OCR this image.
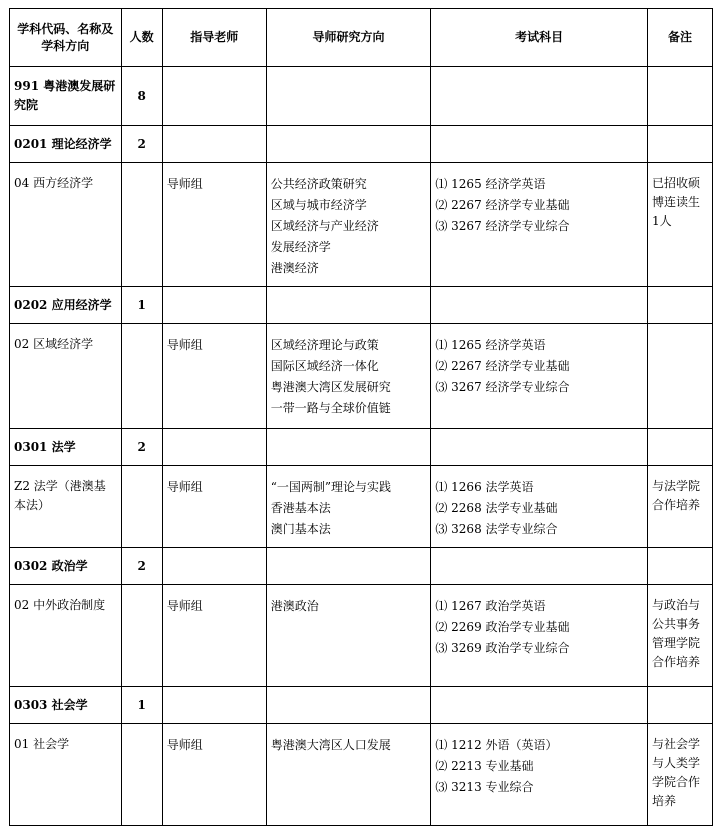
学科代码、名称及学科方向	人数	指导老师	导师研究方向	考试科目	备注
991 粤港澳发展研究院	8				
0201 理论经济学	2				
04 西方经济学		导师组	公共经济政策研究
区域与城市经济学
区域经济与产业经济
发展经济学
港澳经济	⑴ 1265 经济学英语
⑵ 2267 经济学专业基础
⑶ 3267 经济学专业综合	已招收硕
博连读生
1人

0202 应用经济学	1				
02 区域经济学		导师组	区域经济理论与政策
国际区域经济一体化
粤港澳大湾区发展研究
一带一路与全球价值链	⑴ 1265 经济学英语
⑵ 2267 经济学专业基础
⑶ 3267 经济学专业综合	

0301 法学	2				
Z2 法学（港澳基本法）		导师组	“一国两制”理论与实践
香港基本法
澳门基本法	⑴ 1266 法学英语
⑵ 2268 法学专业基础
⑶ 3268 法学专业综合	与法学院
合作培养

0302 政治学	2				
02 中外政治制度		导师组	港澳政治	⑴ 1267 政治学英语
⑵ 2269 政治学专业基础
⑶ 3269 政治学专业综合	与政治与
公共事务
管理学院
合作培养

0303 社会学	1				
01 社会学		导师组	粤港澳大湾区人口发展	⑴ 1212 外语（英语）
⑵ 2213 专业基础
⑶ 3213 专业综合	与社会学
与人类学
学院合作
培养
